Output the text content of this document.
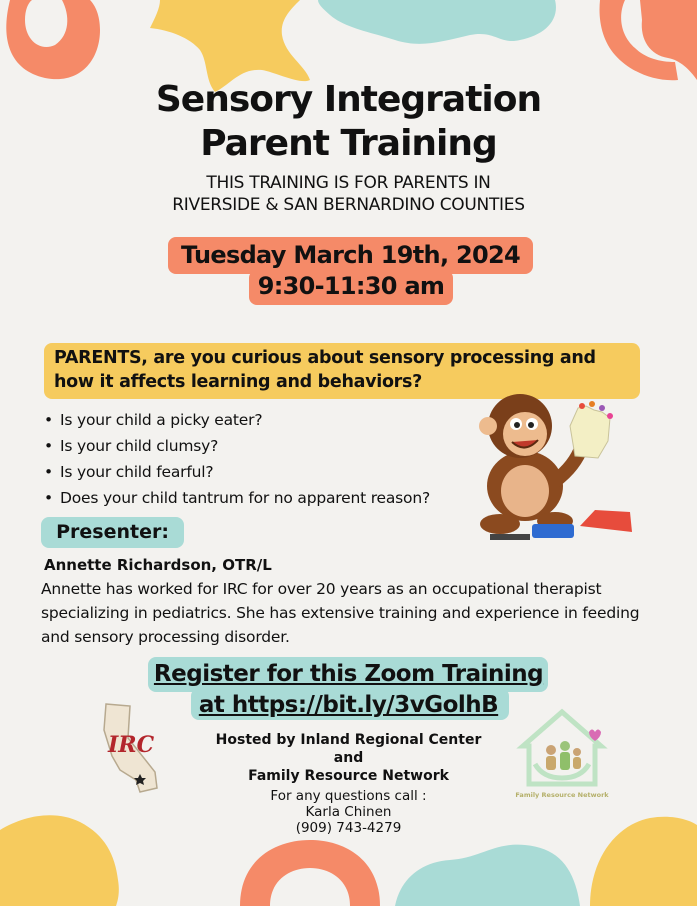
Sensory Integration
Parent Training
THIS TRAINING IS FOR PARENTS IN
RIVERSIDE & SAN BERNARDINO COUNTIES
Tuesday March 19th, 2024
9:30-11:30 am
PARENTS, are you curious about sensory processing and
how it affects learning and behaviors?
• Is your child a picky eater?
• Is your child clumsy?
• Is your child fearful?
• Does your child tantrum for no apparent reason?
Presenter:
Annette Richardson, OTR/L
Annette has worked for IRC for over 20 years as an occupational therapist specializing in pediatrics. She has extensive training and experience in feeding and sensory processing disorder.
Register for this Zoom Training
at https://bit.ly/3vGolhB
IRC	Hosted by Inland Regional Center
and
Family Resource Network
For any questions call :
Karla Chinen
(909) 743-4279
Family Resource Network
